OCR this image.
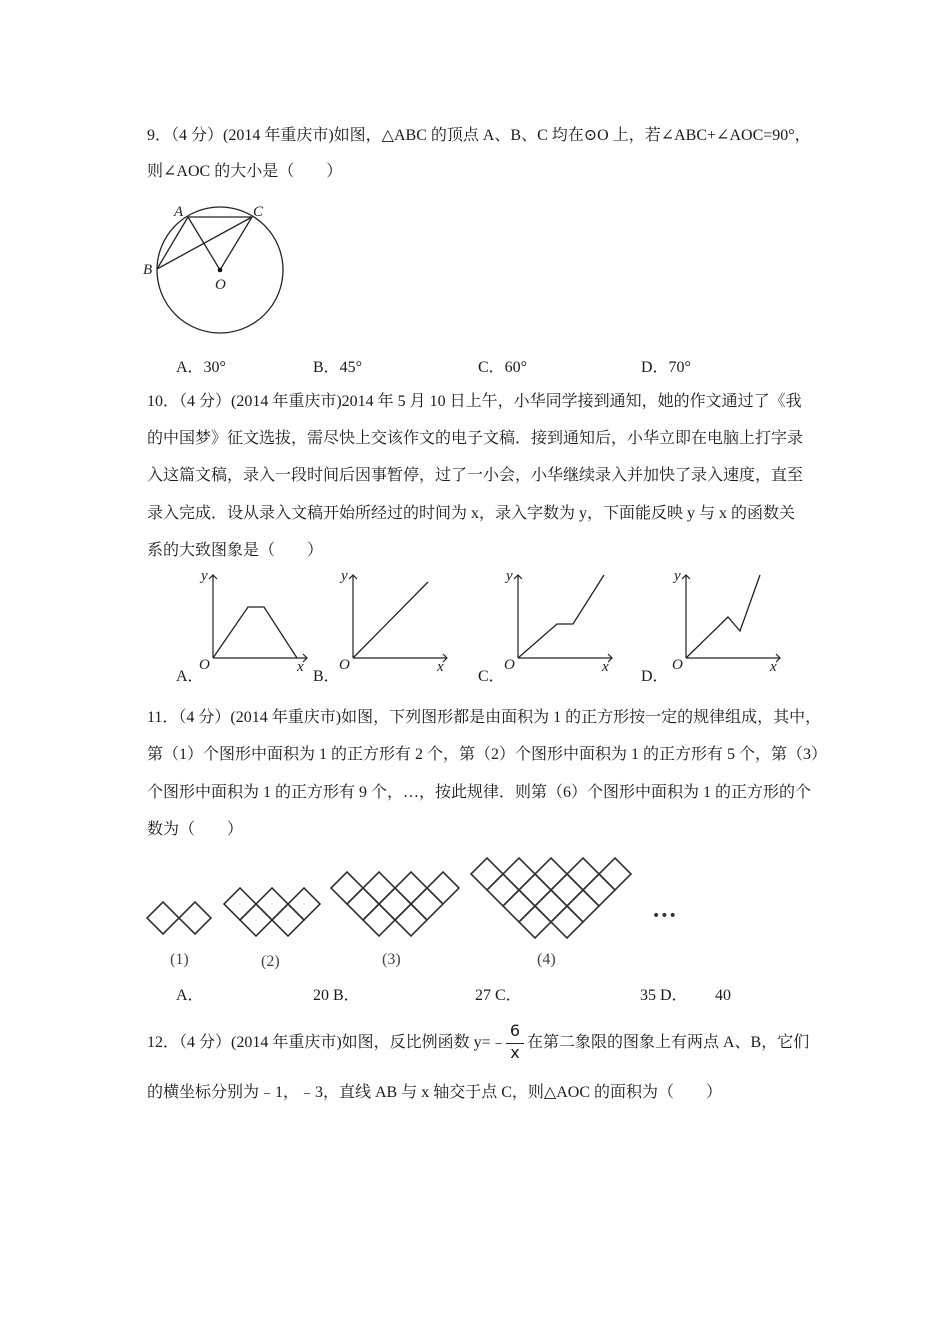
9．（4 分）(2014 年重庆市)如图，△ABC 的顶点 A、B、C 均在⊙O 上，若∠ABC+∠AOC=90°，
则∠AOC 的大小是（　　）
A	C
B
O
A．30°	B．45°	C．60°	D．70°
10．（4 分）(2014 年重庆市)2014 年 5 月 10 日上午，小华同学接到通知，她的作文通过了《我
的中国梦》征文选拔，需尽快上交该作文的电子文稿．接到通知后，小华立即在电脑上打字录
入这篇文稿，录入一段时间后因事暂停，过了一小会，小华继续录入并加快了录入速度，直至
录入完成．设从录入文稿开始所经过的时间为 x，录入字数为 y，下面能反映 y 与 x 的函数关
系的大致图象是（　　）
y
x
O
y
x
O
y
x
O
y
x
O
A．	B．	C．	D．
11．（4 分）(2014 年重庆市)如图，下列图形都是由面积为 1 的正方形按一定的规律组成，其中，
第（1）个图形中面积为 1 的正方形有 2 个，第（2）个图形中面积为 1 的正方形有 5 个，第（3）
个图形中面积为 1 的正方形有 9 个，…，按此规律．则第（6）个图形中面积为 1 的正方形的个
数为（　　）
(1)	(2)	(3)	(4)
•••
A．	20 B．	27 C．	35 D． 40
12．（4 分）(2014 年重庆市)如图，反比例函数 y=﹣
6
x
在第二象限的图象上有两点 A、B，它们
的横坐标分别为﹣1，﹣3，直线 AB 与 x 轴交于点 C，则△AOC 的面积为（　　）
